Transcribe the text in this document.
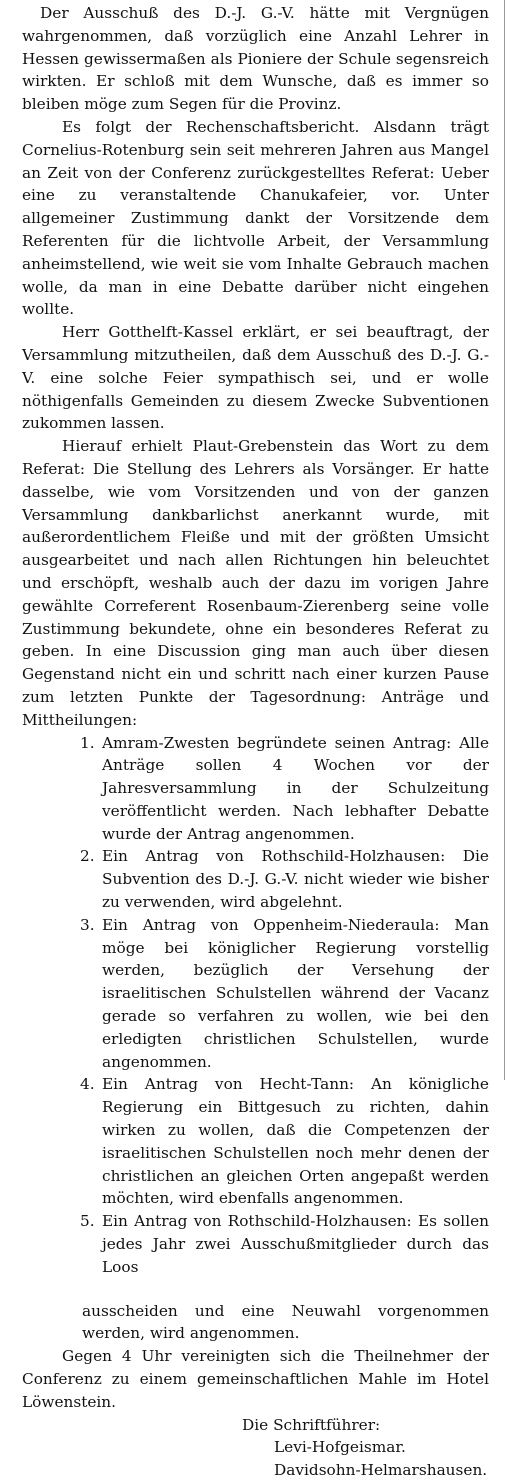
Der Ausschuß des D.-J. G.-V. hätte mit Vergnügen wahrgenommen, daß vorzüglich eine Anzahl Lehrer in Hessen gewissermaßen als Pioniere der Schule segensreich wirkten. Er schloß mit dem Wunsche, daß es immer so bleiben möge zum Segen für die Provinz.

Es folgt der Rechenschaftsbericht. Alsdann trägt Cornelius-Rotenburg sein seit mehreren Jahren aus Mangel an Zeit von der Conferenz zurückgestelltes Referat: Ueber eine zu veranstaltende Chanukafeier, vor. Unter allgemeiner Zustimmung dankt der Vorsitzende dem Referenten für die lichtvolle Arbeit, der Versammlung anheimstellend, wie weit sie vom Inhalte Gebrauch machen wolle, da man in eine Debatte darüber nicht eingehen wollte.

Herr Gotthelft-Kassel erklärt, er sei beauftragt, der Versammlung mitzutheilen, daß dem Ausschuß des D.-J. G.-V. eine solche Feier sympathisch sei, und er wolle nöthigenfalls Gemeinden zu diesem Zwecke Subventionen zukommen lassen.

Hierauf erhielt Plaut-Grebenstein das Wort zu dem Referat: Die Stellung des Lehrers als Vorsänger. Er hatte dasselbe, wie vom Vorsitzenden und von der ganzen Versammlung dankbarlichst anerkannt wurde, mit außerordentlichem Fleiße und mit der größten Umsicht ausgearbeitet und nach allen Richtungen hin beleuchtet und erschöpft, weshalb auch der dazu im vorigen Jahre gewählte Correferent Rosenbaum-Zierenberg seine volle Zustimmung bekundete, ohne ein besonderes Referat zu geben. In eine Discussion ging man auch über diesen Gegenstand nicht ein und schritt nach einer kurzen Pause zum letzten Punkte der Tagesordnung: Anträge und Mittheilungen:

1. Amram-Zwesten begründete seinen Antrag: Alle Anträge sollen 4 Wochen vor der Jahresversammlung in der Schulzeitung veröffentlicht werden. Nach lebhafter Debatte wurde der Antrag angenommen.
2. Ein Antrag von Rothschild-Holzhausen: Die Subvention des D.-J. G.-V. nicht wieder wie bisher zu verwenden, wird abgelehnt.
3. Ein Antrag von Oppenheim-Niederaula: Man möge bei königlicher Regierung vorstellig werden, bezüglich der Versehung der israelitischen Schulstellen während der Vacanz gerade so verfahren zu wollen, wie bei den erledigten christlichen Schulstellen, wurde angenommen.
4. Ein Antrag von Hecht-Tann: An königliche Regierung ein Bittgesuch zu richten, dahin wirken zu wollen, daß die Competenzen der israelitischen Schulstellen noch mehr denen der christlichen an gleichen Orten angepaßt werden möchten, wird ebenfalls angenommen.
5. Ein Antrag von Rothschild-Holzhausen: Es sollen jedes Jahr zwei Ausschußmitglieder durch das Loos

ausscheiden und eine Neuwahl vorgenommen werden, wird angenommen.

Gegen 4 Uhr vereinigten sich die Theilnehmer der Conferenz zu einem gemeinschaftlichen Mahle im Hotel Löwenstein.

Die Schriftführer:

Levi-Hofgeismar.

Davidsohn-Helmarshausen.
